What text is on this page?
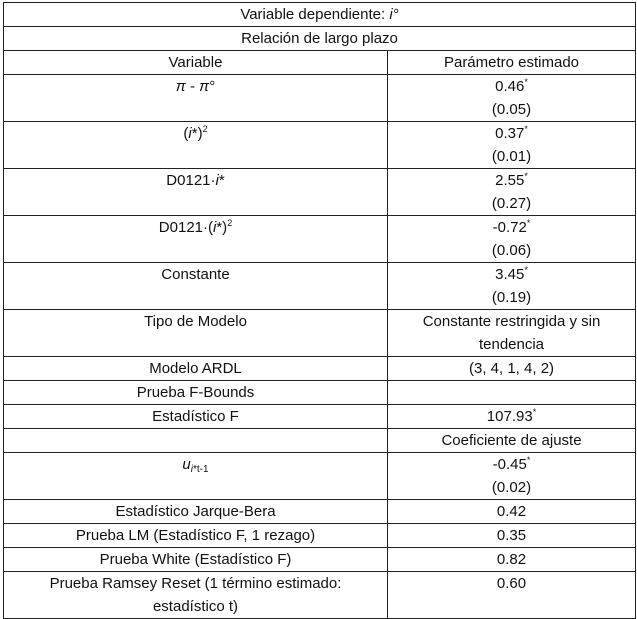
Variable dependiente: i°	
Relación de largo plazo	
Variable	Parámetro estimado

π - π°	0.46*
(0.05)

$(i*)^2$	0.37*
(0.01)

D0121·i*	2.55*
(0.27)

$D0121\cdot(i*)^2$	-0.72*
(0.06)

Constante	3.45*
(0.19)

Tipo de Modelo	Constante restringida y sin
tendencia

Modelo ARDL	(3, 4, 1, 4, 2)
Prueba F-Bounds	
Estadístico F	107.93*

	Coeficiente de ajuste

$u_{i*t-1}$	-0.45*
(0.02)

Estadístico Jarque-Bera	0.42
Prueba LM (Estadístico F, 1 rezago)	0.35
Prueba White (Estadístico F)	0.82

Prueba Ramsey Reset (1 término estimado:
estadístico t)	0.60
